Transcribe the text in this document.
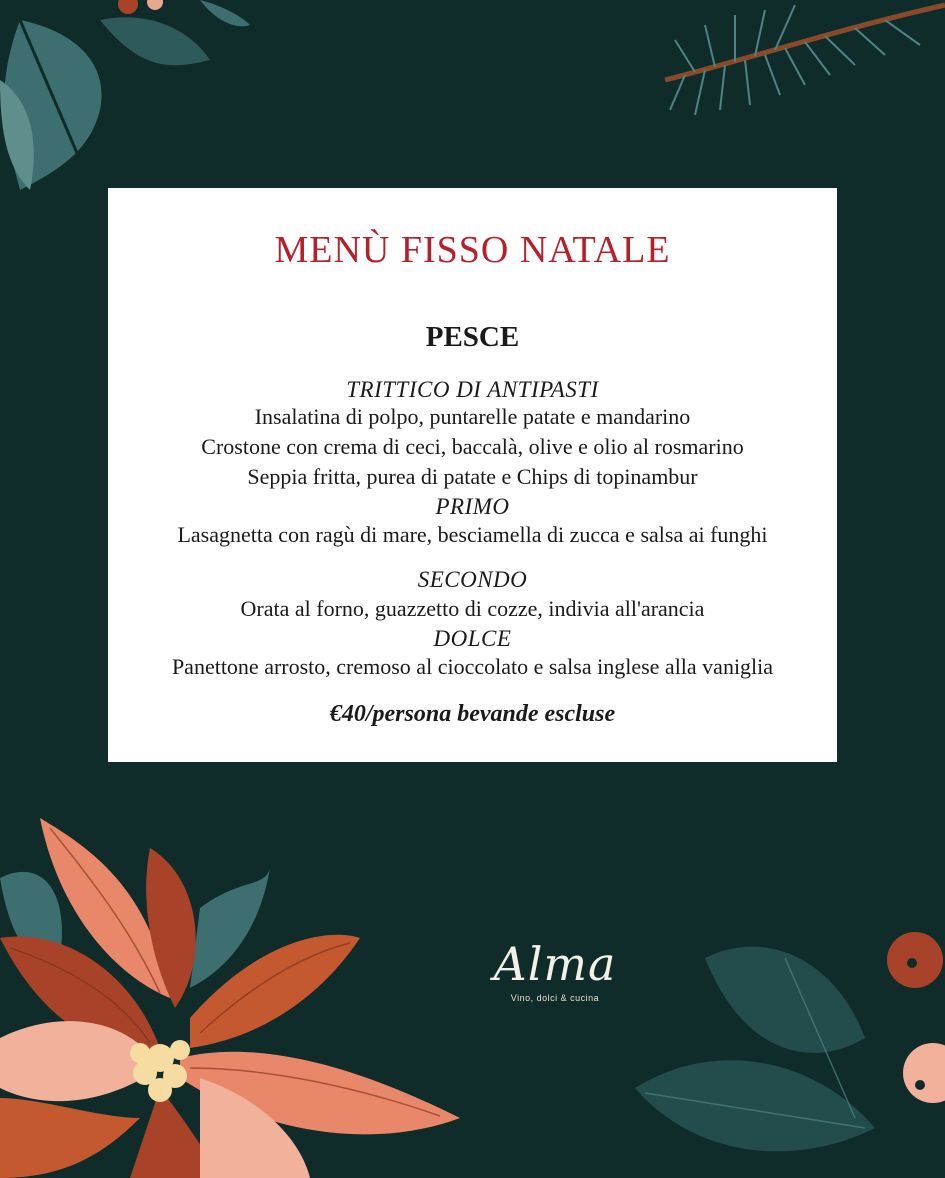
MENÙ FISSO NATALE
PESCE

TRITTICO DI ANTIPASTI

Insalatina di polpo, puntarelle patate e mandarino

Crostone con crema di ceci, baccalà, olive e olio al rosmarino

Seppia fritta, purea di patate e Chips di topinambur

PRIMO

Lasagnetta con ragù di mare, besciamella di zucca e salsa ai funghi

SECONDO

Orata al forno, guazzetto di cozze, indivia all'arancia

DOLCE

Panettone arrosto, cremoso al cioccolato e salsa inglese alla vaniglia

€40/persona bevande escluse

Alma
Vino, dolci & cucina
